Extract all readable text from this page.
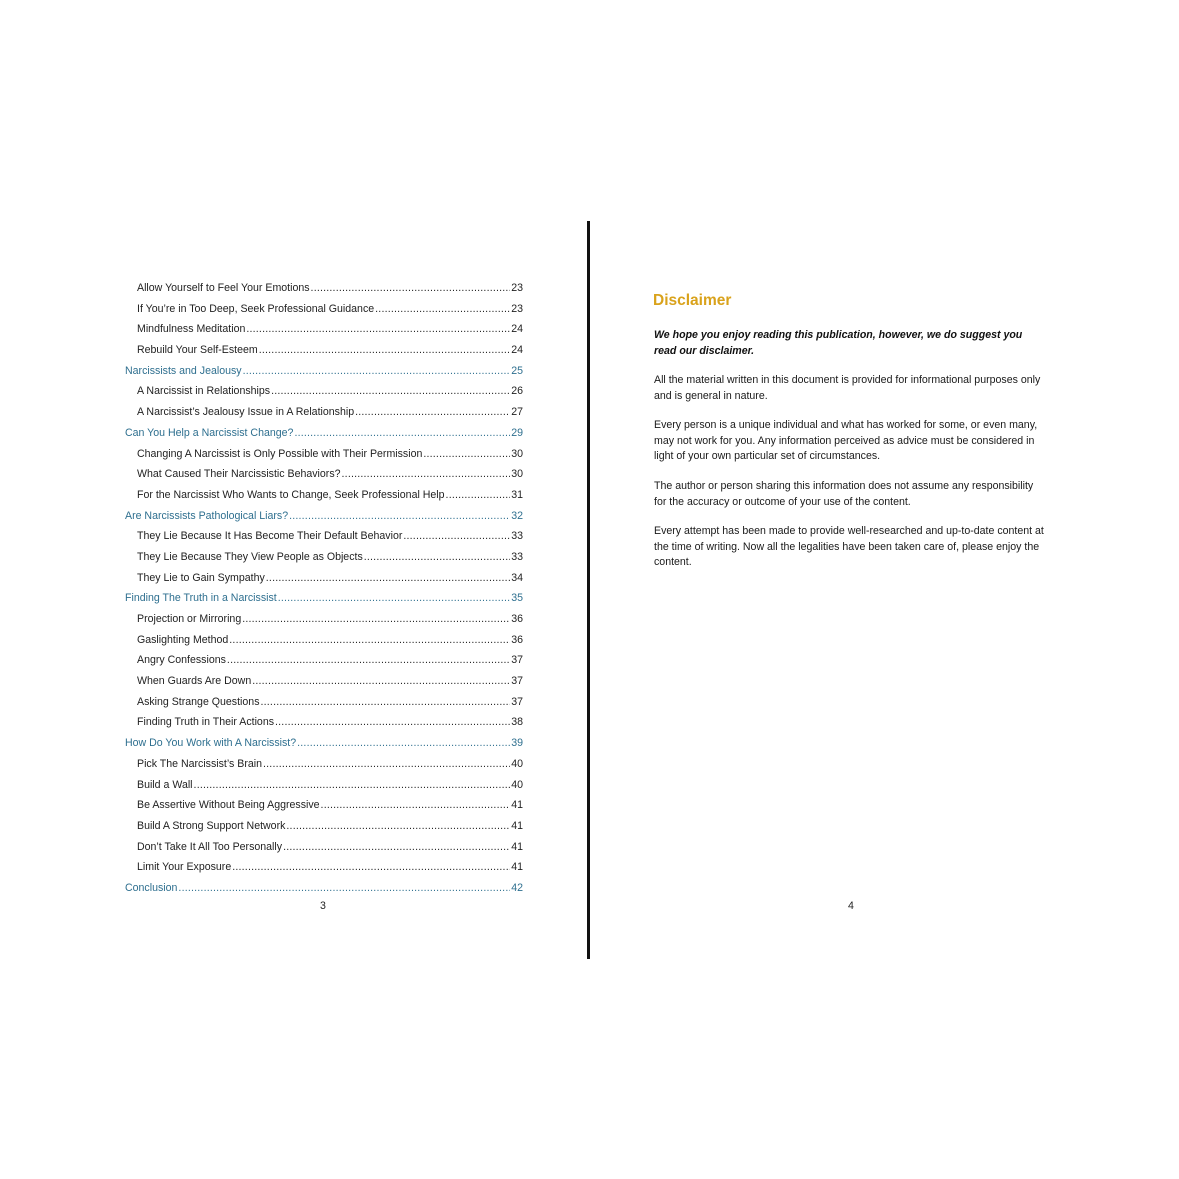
Allow Yourself to Feel Your Emotions .....	23
If You’re in Too Deep, Seek Professional Guidance .....	23
Mindfulness Meditation .....	24
Rebuild Your Self-Esteem .....	24
Narcissists and Jealousy .....	25
A Narcissist in Relationships .....	26
A Narcissist’s Jealousy Issue in A Relationship .....	27
Can You Help a Narcissist Change? .....	29
Changing A Narcissist is Only Possible with Their Permission .....	30
What Caused Their Narcissistic Behaviors? .....	30
For the Narcissist Who Wants to Change, Seek Professional Help .....	31
Are Narcissists Pathological Liars? .....	32
They Lie Because It Has Become Their Default Behavior .....	33
They Lie Because They View People as Objects .....	33
They Lie to Gain Sympathy .....	34
Finding The Truth in a Narcissist .....	35
Projection or Mirroring .....	36
Gaslighting Method .....	36
Angry Confessions .....	37
When Guards Are Down .....	37
Asking Strange Questions .....	37
Finding Truth in Their Actions .....	38
How Do You Work with A Narcissist? .....	39
Pick The Narcissist’s Brain .....	40
Build a Wall .....	40
Be Assertive Without Being Aggressive .....	41
Build A Strong Support Network .....	41
Don’t Take It All Too Personally .....	41
Limit Your Exposure .....	41
Conclusion .....	42
3
Disclaimer
We hope you enjoy reading this publication, however, we do suggest you read our disclaimer.
All the material written in this document is provided for informational purposes only and is general in nature.
Every person is a unique individual and what has worked for some, or even many, may not work for you. Any information perceived as advice must be considered in light of your own particular set of circumstances.
The author or person sharing this information does not assume any responsibility for the accuracy or outcome of your use of the content.
Every attempt has been made to provide well-researched and up-to-date content at the time of writing. Now all the legalities have been taken care of, please enjoy the content.
4
